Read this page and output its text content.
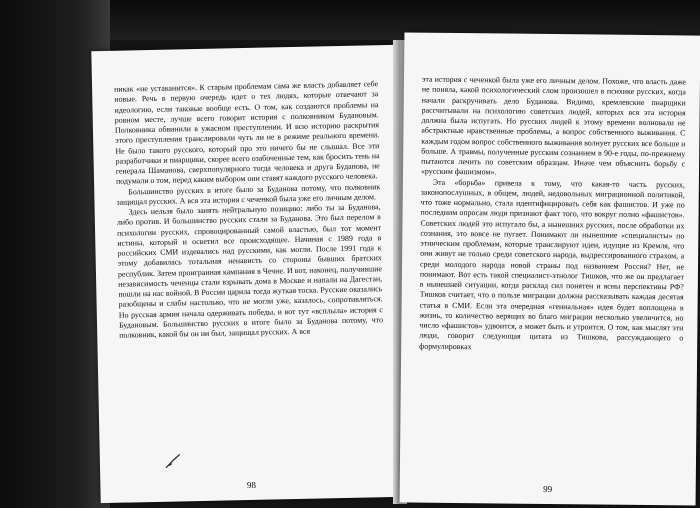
никак «не устаканится». К старым проблемам сама же власть добавляет себе новые. Речь в первую очередь идет о тех людях, которые отвечают за идеологию, если таковые вообще есть. О том, как создаются проблемы на ровном месте, лучше всего говорит история с полковником Будановым. Полковника обвинили в ужасном преступлении. И всю историю раскрытия этого преступления транслировали чуть ли не в режиме реального времени. Не было такого русского, который про это ничего бы не слышал. Все эти разработчики и пиарщики, скорее всего озабоченные тем, как бросить тень на генерала Шаманова, сверхпопулярного тогда человека и друга Буданова, не подумали о том, перед каким выбором они ставят каждого русского человека.

Большинство русских в итоге было за Буданова потому, что полковник защищал русских. А вся эта история с чеченкой была уже его личным делом.

Здесь нельзя было занять нейтральную позицию: либо ты за Буданова, либо против. И большинство русских стали за Буданова. Это был перелом в психологии русских, спровоцированный самой властью, был тот момент истины, который и осветил все происходящее. Начиная с 1989 года в российских СМИ издевались над русскими, как могли. После 1991 года к этому добавилась тотальная ненависть со стороны бывших братских республик. Затем проигранная кампания в Чечне. И вот, наконец, получившие независимость чеченцы стали взрывать дома в Москве и напали на Дагестан, пошли на нас войной. В России царила тогда жуткая тоска. Русские оказались разобщены и слабы настолько, что не могли уже, казалось, сопротивляться. Но русская армия начала одерживать победы, и вот тут «всплыла» история с Будановым. Большинство русских в итоге было за Буданова потому, что полковник, какой бы он ни был, защищал русских. А вся

98

эта история с чеченкой была уже его личным делом. Похоже, что власть даже не поняла, какой психологический слом произошел в психике русских, когда начали раскручивать дело Буданова. Видимо, кремлевские пиарщики рассчитывали на психологию советских людей, которых вся эта история должна была испугать. Но русских людей к этому времени волновали не абстрактные нравственные проблемы, а вопрос собственного выживания. С каждым годом вопрос собственного выживания волнует русских все больше и больше. А травмы, полученные русским сознанием в 90-е годы, по-прежнему пытаются лечить по советским образцам. Иначе чем объяснить борьбу с «русским фашизмом».

Эта «борьба» привела к тому, что какая-то часть русских, законопослушных, в общем, людей, недовольных миграционной политикой, что тоже нормально, стала идентифицировать себя как фашистов. И уже по последним опросам люди признают факт того, что вокруг полно «фашистов». Советских людей это испугало бы, а нынешних русских, после обработки их сознания, это вовсе не пугает. Понимают ли нынешние «специалисты» по этническим проблемам, которые транслируют идеи, идущие из Кремля, что они живут не только среди советского народа, выдрессированного страхом, а среди молодого народа новой страны под названием Россия? Нет, не понимают. Вот есть такой специалист-этнолог Тишков, что же он предлагает в нынешней ситуации, когда расклад сил понятен и ясны перспективы РФ? Тишков считает, что о пользе миграции должна рассказывать каждая десятая статья в СМИ. Если эта очередная «гениальная» идея будет воплощена в жизнь, то количество верящих во благо миграции несколько увеличится, но число «фашистов» удвоится, а может быть и утроится. О том, как мыслят эти люди, говорит следующая цитата из Тишкова, рассуждающего о формулировках

99
